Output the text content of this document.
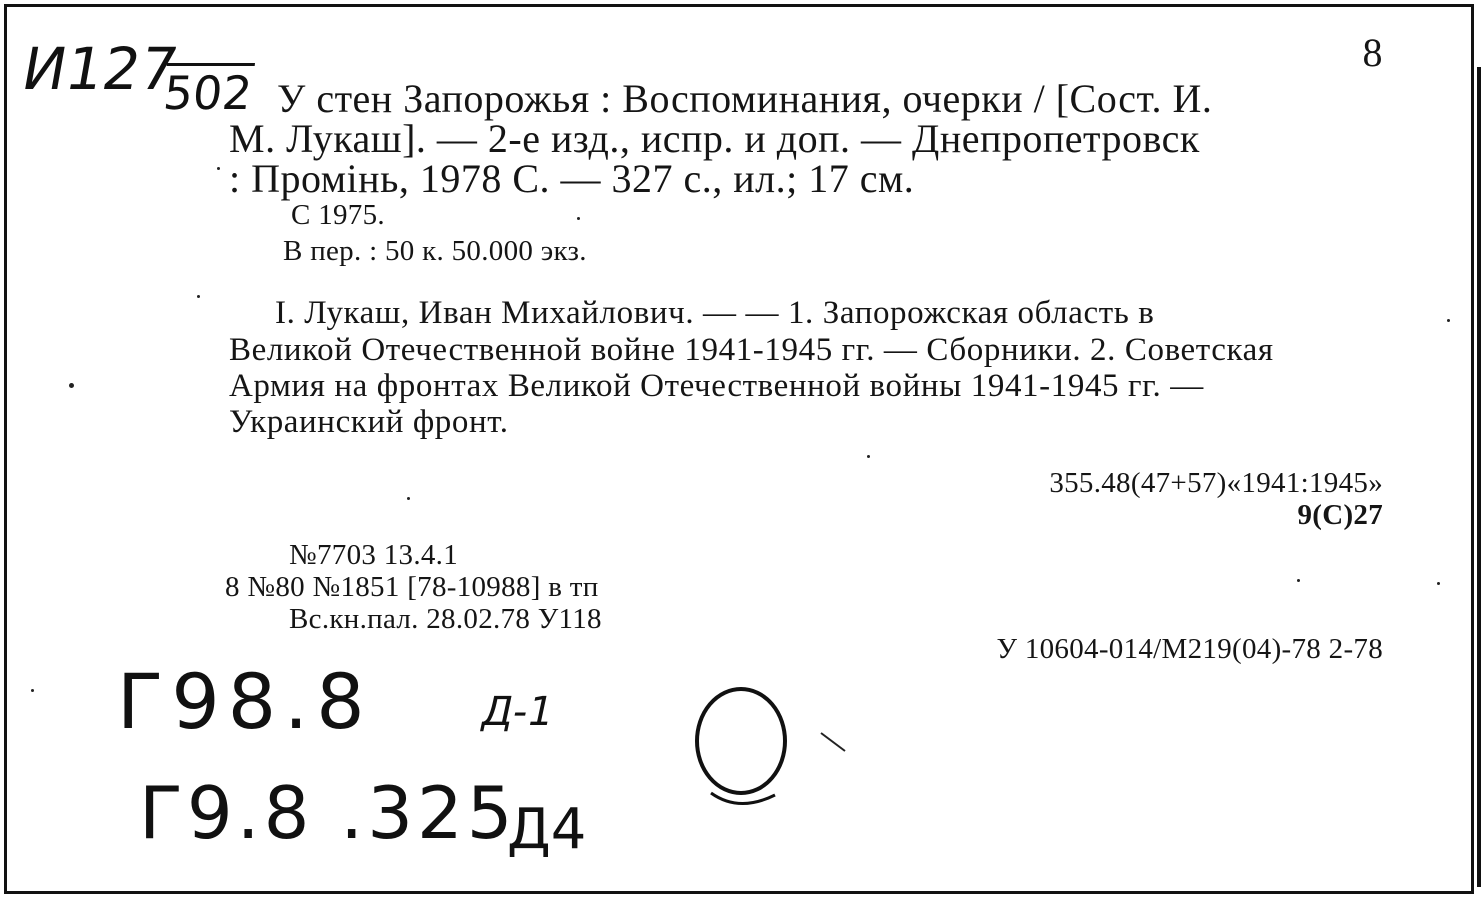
И127
502
8
У стен Запорожья : Воспоминания, очерки / [Сост. И.
М. Лукаш]. — 2-е изд., испр. и доп. — Днепропетровск
: Промінь, 1978 С. — 327 с., ил.; 17 см.
С 1975.
В пер. : 50 к. 50.000 экз.
I. Лукаш, Иван Михайлович. — — 1. Запорожская область в
Великой Отечественной войне 1941-1945 гг. — Сборники. 2. Советская
Армия на фронтах Великой Отечественной войны 1941-1945 гг. —
Украинский фронт.
355.48(47+57)«1941:1945»
9(С)27
№7703 13.4.1
8 №80 №1851 [78-10988] в тп
Вс.кн.пал. 28.02.78 У118
У 10604-014/М219(04)-78 2-78
Г98.8	Д-1
Г9.8 .325
Д4
